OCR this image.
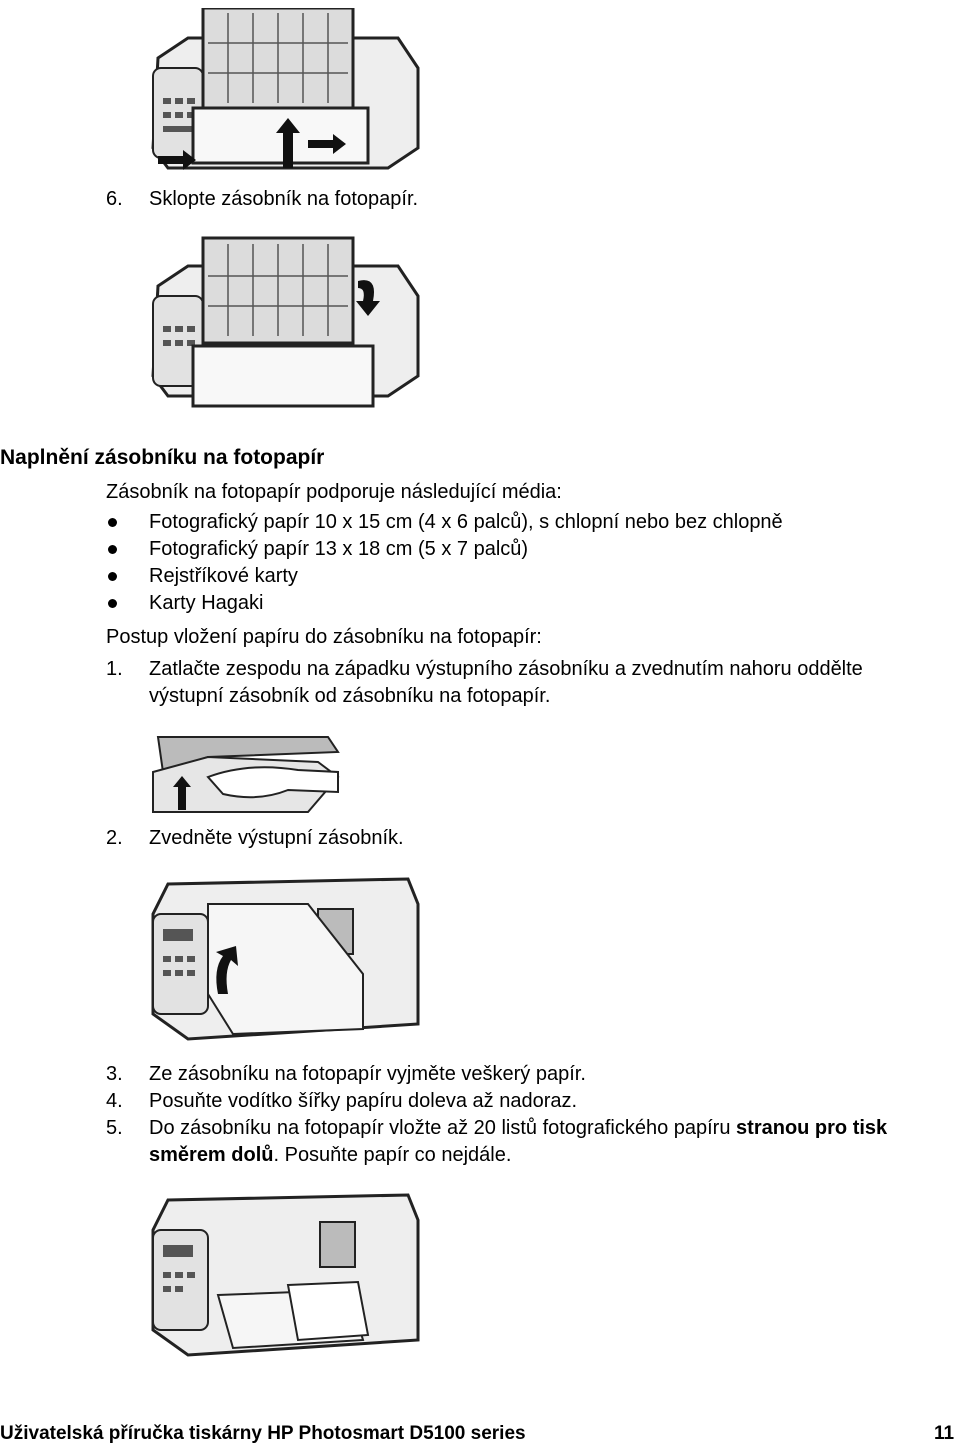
6. Sklopte zásobník na fotopapír.
Naplnění zásobníku na fotopapír
Zásobník na fotopapír podporuje následující média:
Fotografický papír 10 x 15 cm (4 x 6 palců), s chlopní nebo bez chlopně
Fotografický papír 13 x 18 cm (5 x 7 palců)
Rejstříkové karty
Karty Hagaki
Postup vložení papíru do zásobníku na fotopapír:
1. Zatlačte zespodu na západku výstupního zásobníku a zvednutím nahoru oddělte
výstupní zásobník od zásobníku na fotopapír.
2. Zvedněte výstupní zásobník.
3. Ze zásobníku na fotopapír vyjměte veškerý papír.
4. Posuňte vodítko šířky papíru doleva až nadoraz.
5. Do zásobníku na fotopapír vložte až 20 listů fotografického papíru stranou pro tisk
směrem dolů. Posuňte papír co nejdále.
Uživatelská příručka tiskárny HP Photosmart D5100 series	11
